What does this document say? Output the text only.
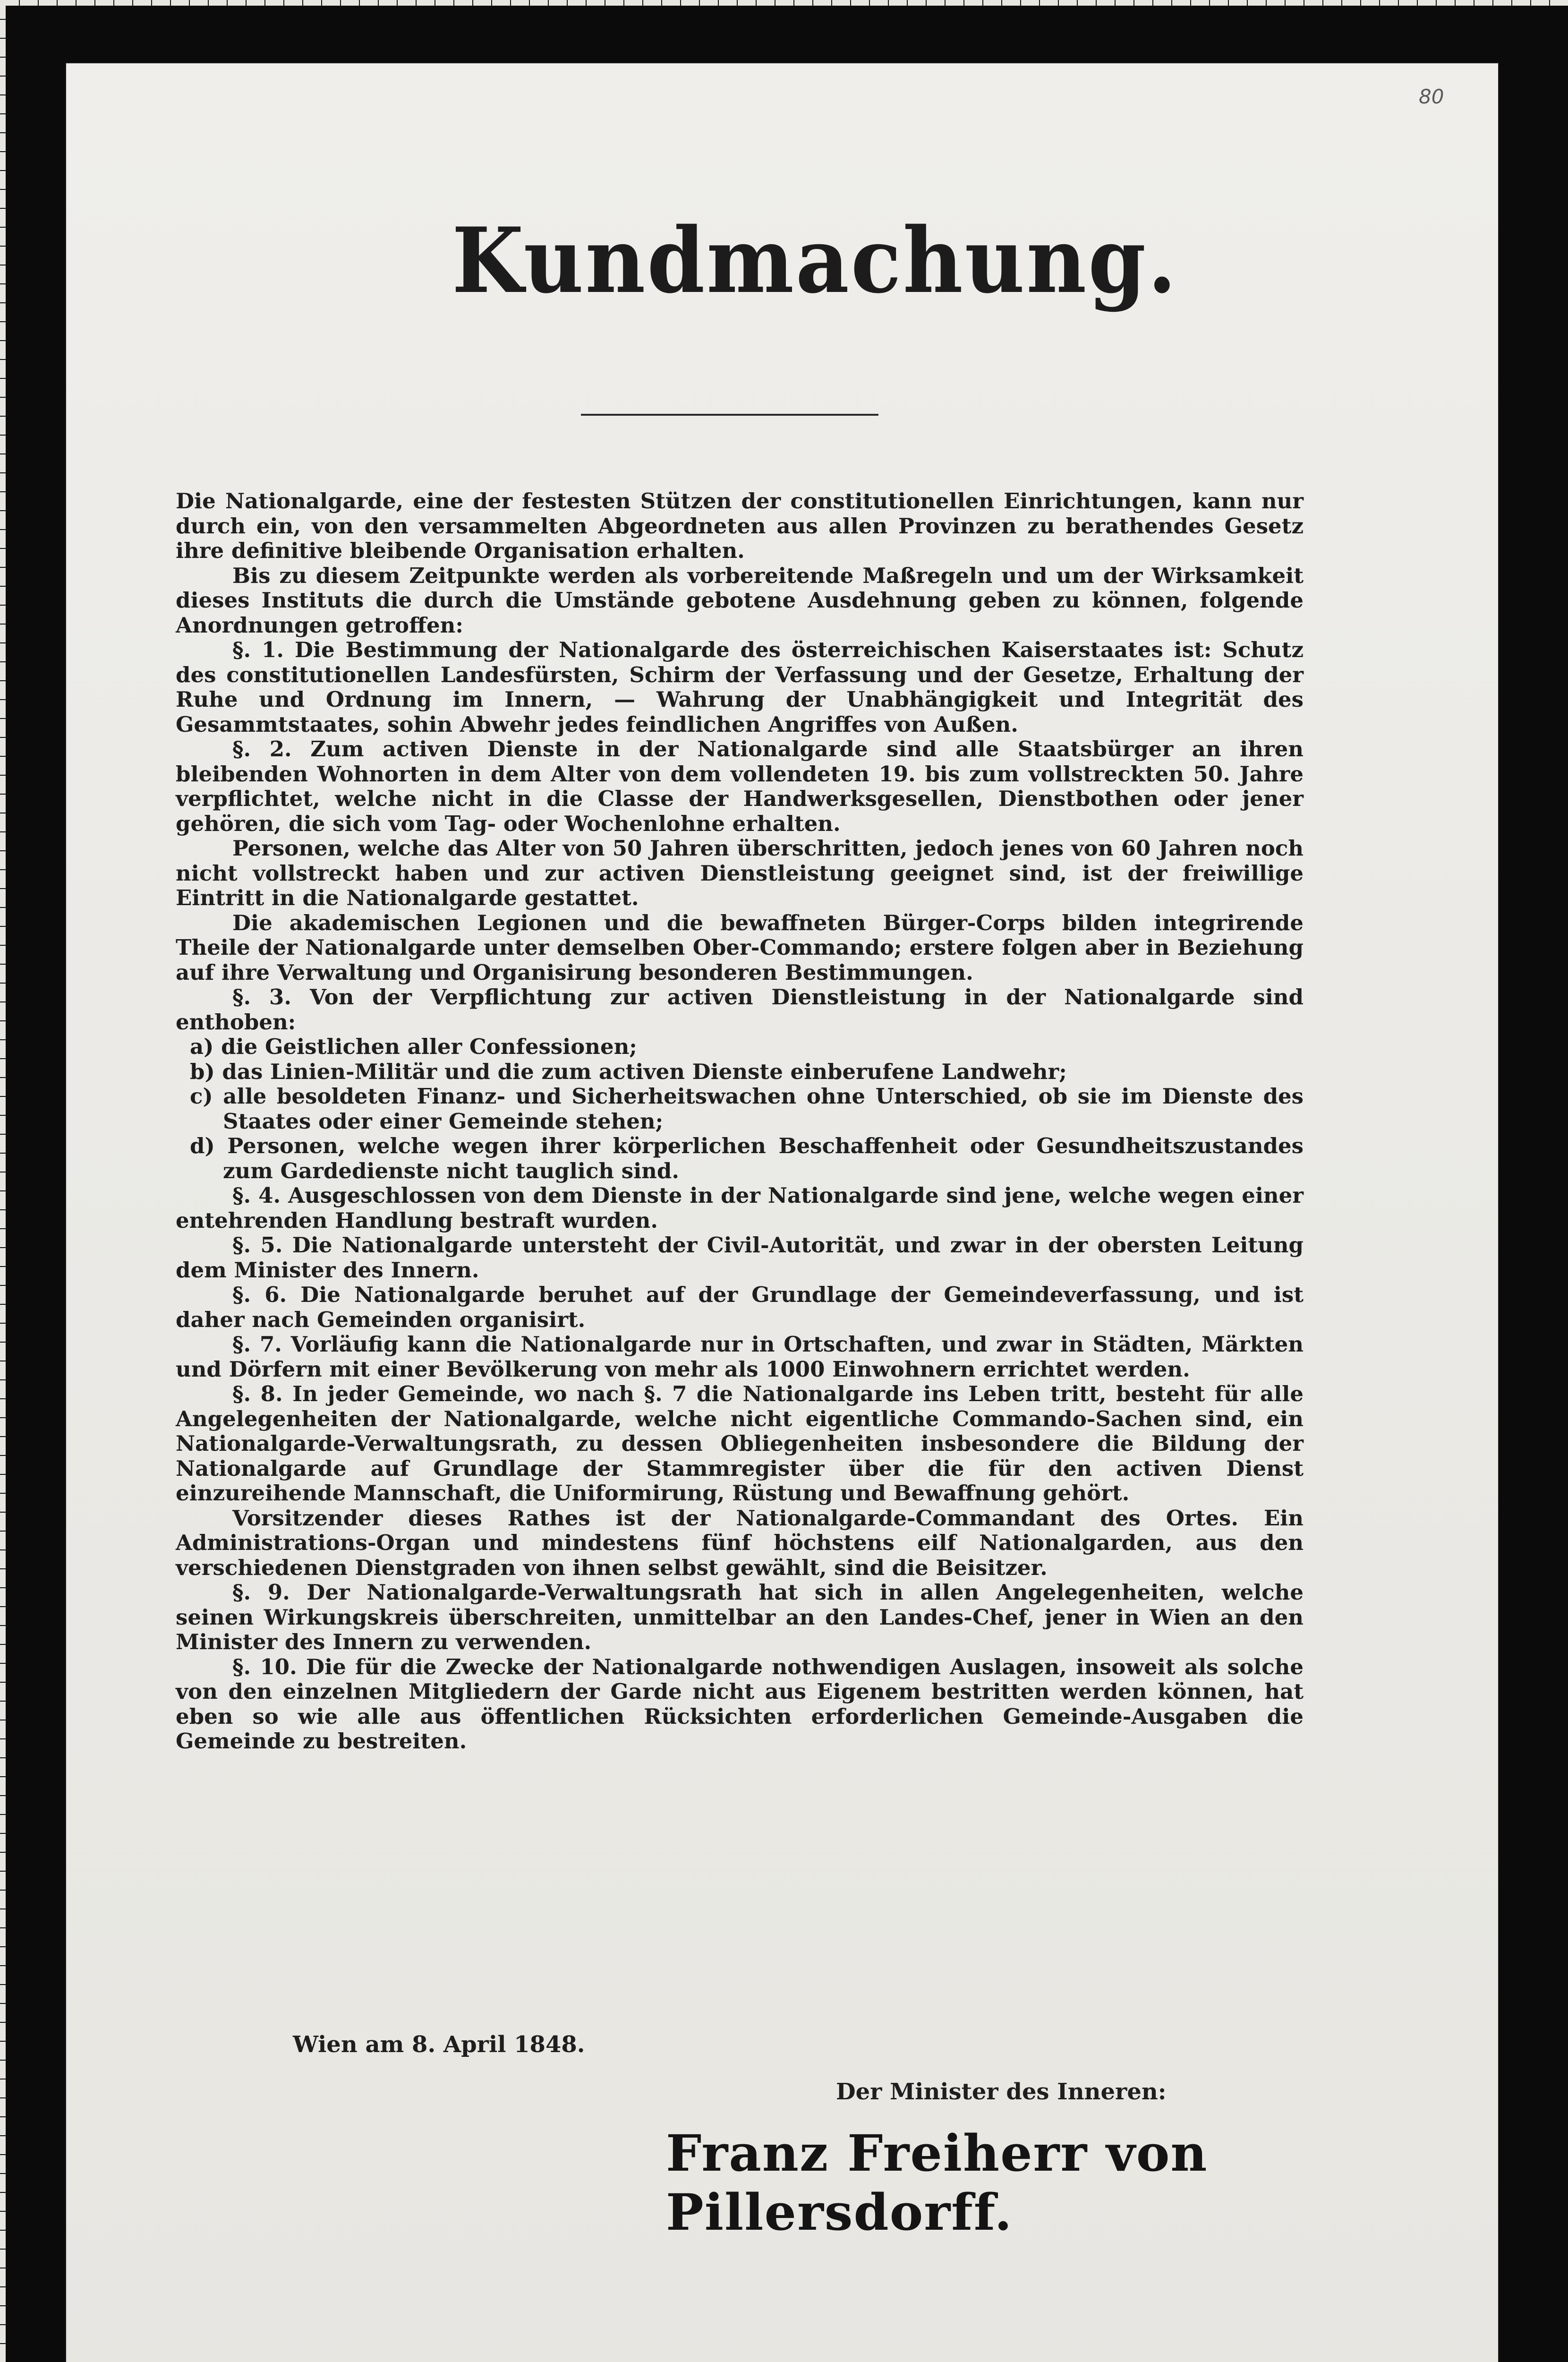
80
Kundmachung.

Die Nationalgarde, eine der festesten Stützen der constitutionellen Einrichtungen, kann nur durch ein, von den versammelten Abgeordneten aus allen Provinzen zu berathendes Gesetz ihre definitive bleibende Organisation erhalten.

Bis zu diesem Zeitpunkte werden als vorbereitende Maßregeln und um der Wirksamkeit dieses Instituts die durch die Umstände gebotene Ausdehnung geben zu können, folgende Anordnungen getroffen:

§. 1. Die Bestimmung der Nationalgarde des österreichischen Kaiserstaates ist: Schutz des constitutionellen Landesfürsten, Schirm der Verfassung und der Gesetze, Erhaltung der Ruhe und Ordnung im Innern, — Wahrung der Unabhängigkeit und Integrität des Gesammtstaates, sohin Abwehr jedes feindlichen Angriffes von Außen.

§. 2. Zum activen Dienste in der Nationalgarde sind alle Staatsbürger an ihren bleibenden Wohnorten in dem Alter von dem vollendeten 19. bis zum vollstreckten 50. Jahre verpflichtet, welche nicht in die Classe der Handwerksgesellen, Dienstbothen oder jener gehören, die sich vom Tag- oder Wochenlohne erhalten.

Personen, welche das Alter von 50 Jahren überschritten, jedoch jenes von 60 Jahren noch nicht vollstreckt haben und zur activen Dienstleistung geeignet sind, ist der freiwillige Eintritt in die Nationalgarde gestattet.

Die akademischen Legionen und die bewaffneten Bürger-Corps bilden integrirende Theile der Nationalgarde unter demselben Ober-Commando; erstere folgen aber in Beziehung auf ihre Verwaltung und Organisirung besonderen Bestimmungen.

§. 3. Von der Verpflichtung zur activen Dienstleistung in der Nationalgarde sind enthoben:

a) die Geistlichen aller Confessionen;

b) das Linien-Militär und die zum activen Dienste einberufene Landwehr;

c) alle besoldeten Finanz- und Sicherheitswachen ohne Unterschied, ob sie im Dienste des Staates oder einer Gemeinde stehen;

d) Personen, welche wegen ihrer körperlichen Beschaffenheit oder Gesundheitszustandes zum Gardedienste nicht tauglich sind.

§. 4. Ausgeschlossen von dem Dienste in der Nationalgarde sind jene, welche wegen einer entehrenden Handlung bestraft wurden.

§. 5. Die Nationalgarde untersteht der Civil-Autorität, und zwar in der obersten Leitung dem Minister des Innern.

§. 6. Die Nationalgarde beruhet auf der Grundlage der Gemeindeverfassung, und ist daher nach Gemeinden organisirt.

§. 7. Vorläufig kann die Nationalgarde nur in Ortschaften, und zwar in Städten, Märkten und Dörfern mit einer Bevölkerung von mehr als 1000 Einwohnern errichtet werden.

§. 8. In jeder Gemeinde, wo nach §. 7 die Nationalgarde ins Leben tritt, besteht für alle Angelegenheiten der Nationalgarde, welche nicht eigentliche Commando-Sachen sind, ein Nationalgarde-Verwaltungsrath, zu dessen Obliegenheiten insbesondere die Bildung der Nationalgarde auf Grundlage der Stammregister über die für den activen Dienst einzureihende Mannschaft, die Uniformirung, Rüstung und Bewaffnung gehört.

Vorsitzender dieses Rathes ist der Nationalgarde-Commandant des Ortes. Ein Administrations-Organ und mindestens fünf höchstens eilf Nationalgarden, aus den verschiedenen Dienstgraden von ihnen selbst gewählt, sind die Beisitzer.

§. 9. Der Nationalgarde-Verwaltungsrath hat sich in allen Angelegenheiten, welche seinen Wirkungskreis überschreiten, unmittelbar an den Landes-Chef, jener in Wien an den Minister des Innern zu verwenden.

§. 10. Die für die Zwecke der Nationalgarde nothwendigen Auslagen, insoweit als solche von den einzelnen Mitgliedern der Garde nicht aus Eigenem bestritten werden können, hat eben so wie alle aus öffentlichen Rücksichten erforderlichen Gemeinde-Ausgaben die Gemeinde zu bestreiten.

Wien am 8. April 1848.
Der Minister des Inneren:
Franz Freiherr von Pillersdorff.
